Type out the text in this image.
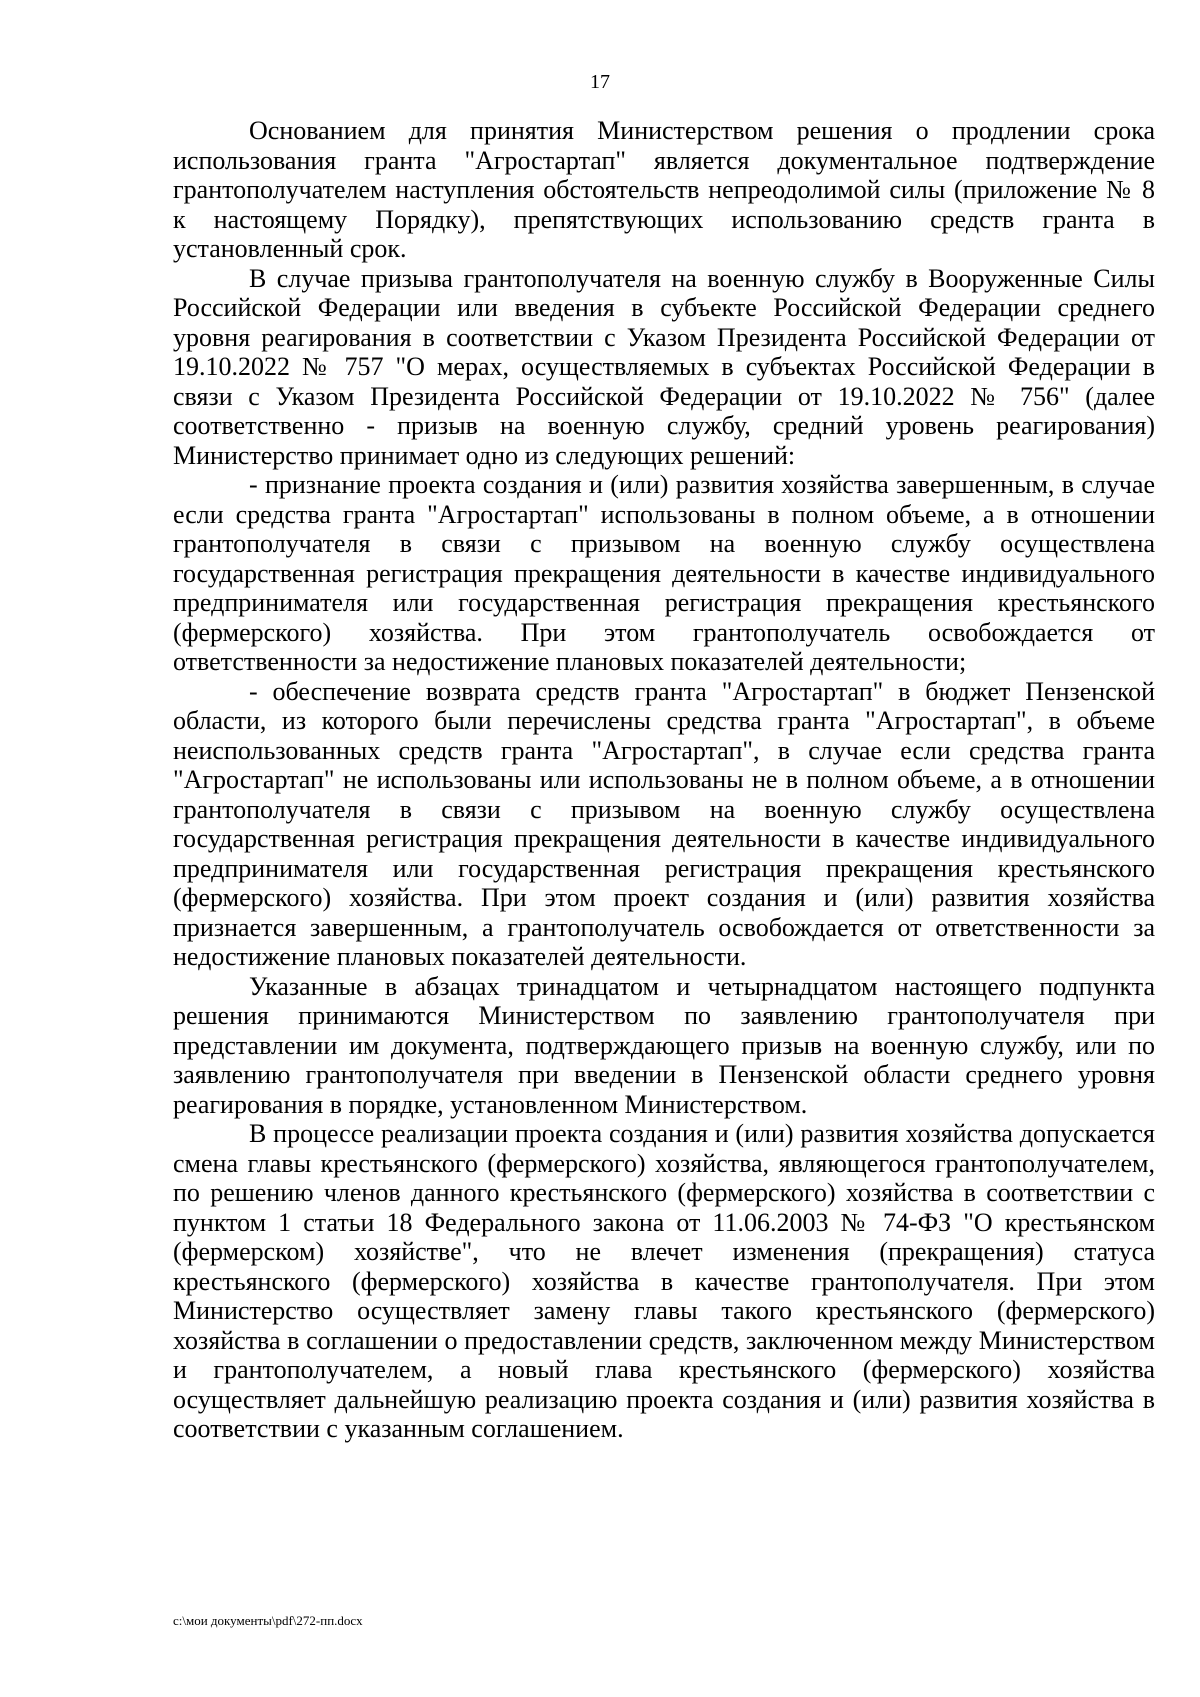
17

Основанием для принятия Министерством решения о продлении срока использования гранта "Агростартап" является документальное подтверждение грантополучателем наступления обстоятельств непреодолимой силы (приложение № 8 к настоящему Порядку), препятствующих использованию средств гранта в установленный срок.

В случае призыва грантополучателя на военную службу в Вооруженные Силы Российской Федерации или введения в субъекте Российской Федерации среднего уровня реагирования в соответствии с Указом Президента Российской Федерации от 19.10.2022 № 757 "О мерах, осуществляемых в субъектах Российской Федерации в связи с Указом Президента Российской Федерации от 19.10.2022 № 756" (далее соответственно - призыв на военную службу, средний уровень реагирования) Министерство принимает одно из следующих решений:

- признание проекта создания и (или) развития хозяйства завершенным, в случае если средства гранта "Агростартап" использованы в полном объеме, а в отношении грантополучателя в связи с призывом на военную службу осуществлена государственная регистрация прекращения деятельности в качестве индивидуального предпринимателя или государственная регистрация прекращения крестьянского (фермерского) хозяйства. При этом грантополучатель освобождается от ответственности за недостижение плановых показателей деятельности;

- обеспечение возврата средств гранта "Агростартап" в бюджет Пензенской области, из которого были перечислены средства гранта "Агростартап", в объеме неиспользованных средств гранта "Агростартап", в случае если средства гранта "Агростартап" не использованы или использованы не в полном объеме, а в отношении грантополучателя в связи с призывом на военную службу осуществлена государственная регистрация прекращения деятельности в качестве индивидуального предпринимателя или государственная регистрация прекращения крестьянского (фермерского) хозяйства. При этом проект создания и (или) развития хозяйства признается завершенным, а грантополучатель освобождается от ответственности за недостижение плановых показателей деятельности.

Указанные в абзацах тринадцатом и четырнадцатом настоящего подпункта решения принимаются Министерством по заявлению грантополучателя при представлении им документа, подтверждающего призыв на военную службу, или по заявлению грантополучателя при введении в Пензенской области среднего уровня реагирования в порядке, установленном Министерством.

В процессе реализации проекта создания и (или) развития хозяйства допускается смена главы крестьянского (фермерского) хозяйства, являющегося грантополучателем, по решению членов данного крестьянского (фермерского) хозяйства в соответствии с пунктом 1 статьи 18 Федерального закона от 11.06.2003 № 74-ФЗ "О крестьянском (фермерском) хозяйстве", что не влечет изменения (прекращения) статуса крестьянского (фермерского) хозяйства в качестве грантополучателя. При этом Министерство осуществляет замену главы такого крестьянского (фермерского) хозяйства в соглашении о предоставлении средств, заключенном между Министерством и грантополучателем, а новый глава крестьянского (фермерского) хозяйства осуществляет дальнейшую реализацию проекта создания и (или) развития хозяйства в соответствии с указанным соглашением.

c:\мои документы\pdf\272-пп.docx
